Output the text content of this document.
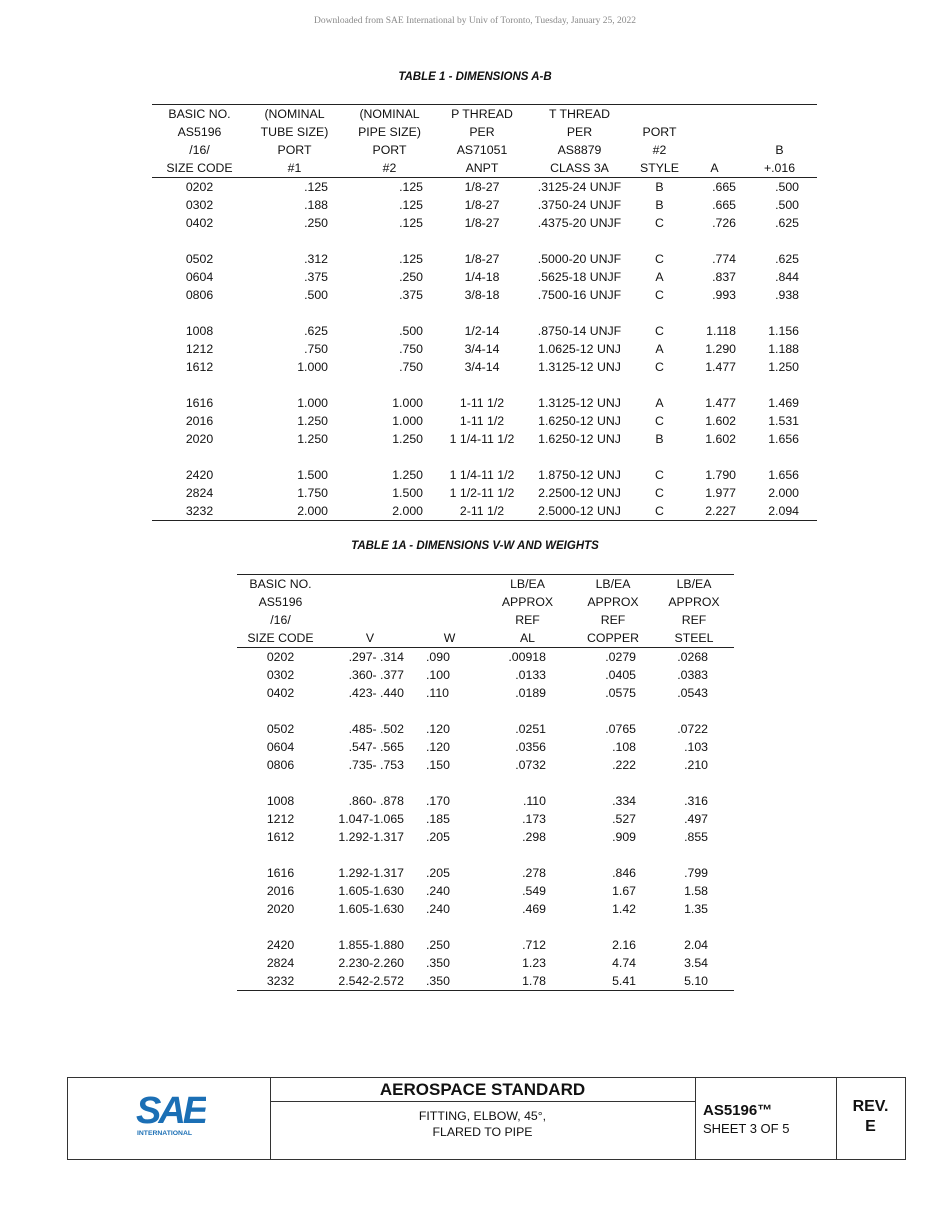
Downloaded from SAE International by Univ of Toronto, Tuesday, January 25, 2022
TABLE 1 - DIMENSIONS A-B
BASIC NO.	(NOMINAL	(NOMINAL	P THREAD	T THREAD			
AS5196	TUBE SIZE)	PIPE SIZE)	PER	PER	PORT		
/16/	PORT	PORT	AS71051	AS8879	#2		B
SIZE CODE	#1	#2	ANPT	CLASS 3A	STYLE	A	+.016
0202	.125	.125	1/8-27	.3125-24 UNJF	B	.665	.500
0302	.188	.125	1/8-27	.3750-24 UNJF	B	.665	.500
0402	.250	.125	1/8-27	.4375-20 UNJF	C	.726	.625

0502	.312	.125	1/8-27	.5000-20 UNJF	C	.774	.625
0604	.375	.250	1/4-18	.5625-18 UNJF	A	.837	.844
0806	.500	.375	3/8-18	.7500-16 UNJF	C	.993	.938

1008	.625	.500	1/2-14	.8750-14 UNJF	C	1.118	1.156
1212	.750	.750	3/4-14	1.0625-12 UNJ	A	1.290	1.188
1612	1.000	.750	3/4-14	1.3125-12 UNJ	C	1.477	1.250

1616	1.000	1.000	1-11 1/2	1.3125-12 UNJ	A	1.477	1.469
2016	1.250	1.000	1-11 1/2	1.6250-12 UNJ	C	1.602	1.531
2020	1.250	1.250	1 1/4-11 1/2	1.6250-12 UNJ	B	1.602	1.656

2420	1.500	1.250	1 1/4-11 1/2	1.8750-12 UNJ	C	1.790	1.656
2824	1.750	1.500	1 1/2-11 1/2	2.2500-12 UNJ	C	1.977	2.000
3232	2.000	2.000	2-11 1/2	2.5000-12 UNJ	C	2.227	2.094
TABLE 1A - DIMENSIONS V-W AND WEIGHTS
BASIC NO.			LB/EA	LB/EA	LB/EA
AS5196			APPROX	APPROX	APPROX
/16/			REF	REF	REF
SIZE CODE	V	W	AL	COPPER	STEEL
0202	.297- .314	.090	.00918	.0279	.0268
0302	.360- .377	.100	.0133	.0405	.0383
0402	.423- .440	.110	.0189	.0575	.0543

0502	.485- .502	.120	.0251	.0765	.0722
0604	.547- .565	.120	.0356	.108	.103
0806	.735- .753	.150	.0732	.222	.210

1008	.860- .878	.170	.110	.334	.316
1212	1.047-1.065	.185	.173	.527	.497
1612	1.292-1.317	.205	.298	.909	.855

1616	1.292-1.317	.205	.278	.846	.799
2016	1.605-1.630	.240	.549	1.67	1.58
2020	1.605-1.630	.240	.469	1.42	1.35

2420	1.855-1.880	.250	.712	2.16	2.04
2824	2.230-2.260	.350	1.23	4.74	3.54
3232	2.542-2.572	.350	1.78	5.41	5.10
SAE
INTERNATIONAL
AEROSPACE STANDARD
FITTING, ELBOW, 45°,
FLARED TO PIPE
AS5196™
SHEET 3 OF 5
REV.
E
